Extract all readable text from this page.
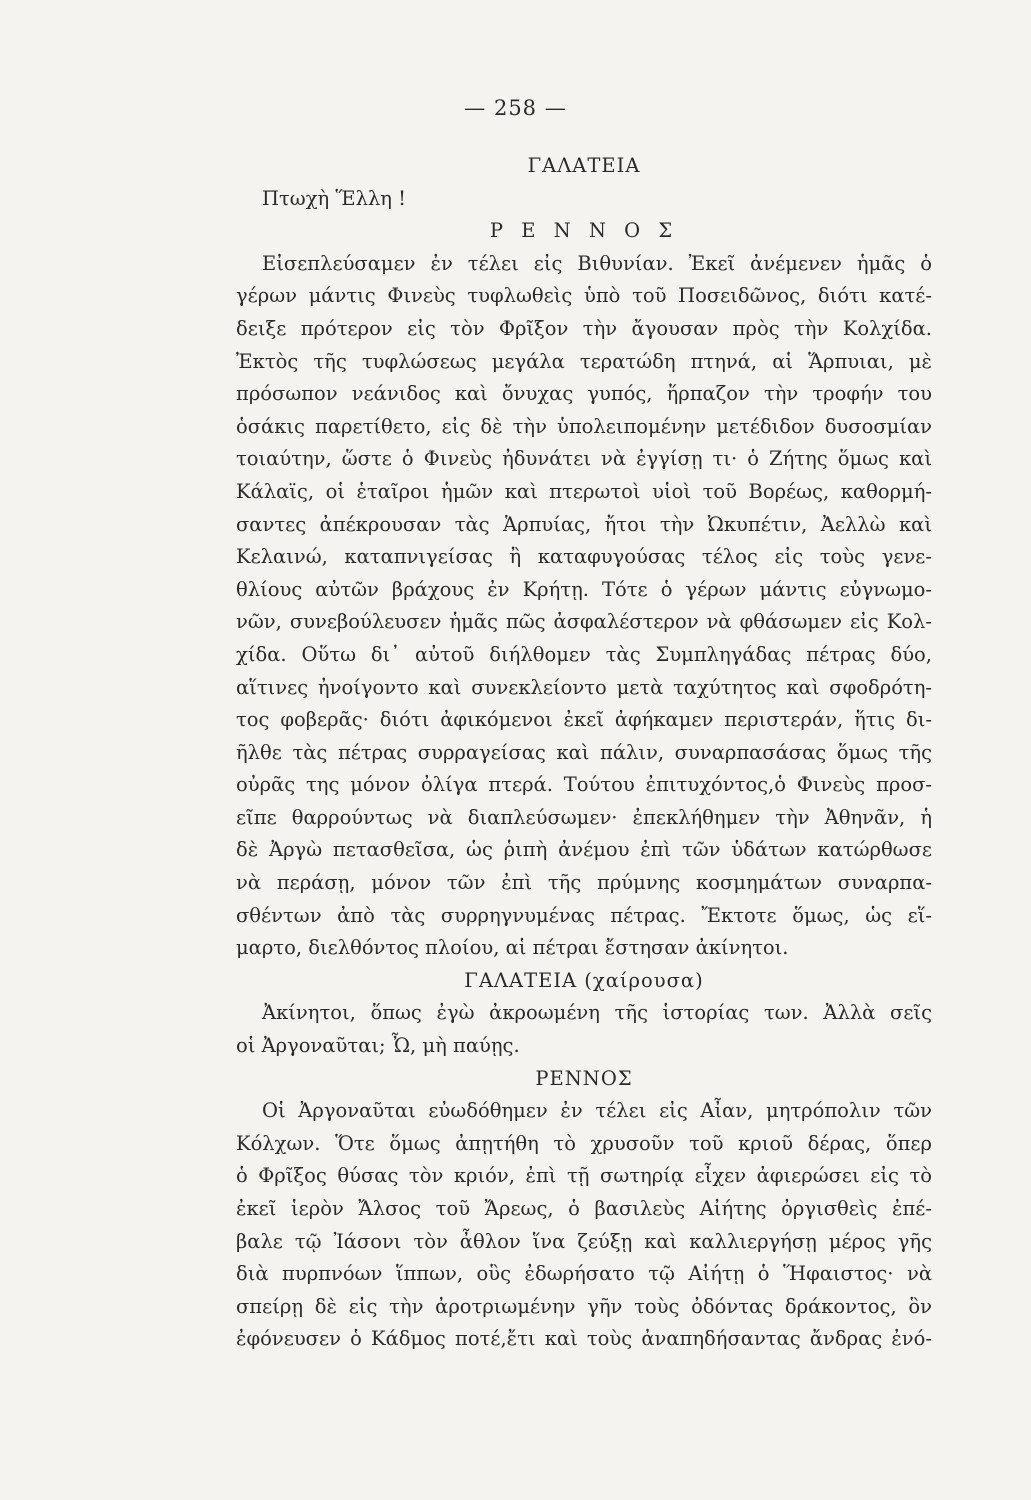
— 258 —
ΓΑΛΑΤΕΙΑ
Πτωχὴ Ἕλλη !
Ρ Ε Ν Ν Ο Σ
Εἰσεπλεύσαμεν ἐν τέλει εἰς Βιθυνίαν. Ἐκεῖ ἀνέμενεν ἡμᾶς ὁ
γέρων μάντις Φινεὺς τυφλωθεὶς ὑπὸ τοῦ Ποσειδῶνος, διότι κατέ-
δειξε πρότερον εἰς τὸν Φρῖξον τὴν ἄγουσαν πρὸς τὴν Κολχίδα.
Ἐκτὸς τῆς τυφλώσεως μεγάλα τερατώδη πτηνά, αἱ Ἅρπυιαι, μὲ
πρόσωπον νεάνιδος καὶ ὄνυχας γυπός, ἥρπαζον τὴν τροφήν του
ὁσάκις παρετίθετο, εἰς δὲ τὴν ὑπολειπομένην μετέδιδον δυσοσμίαν
τοιαύτην, ὥστε ὁ Φινεὺς ἠδυνάτει νὰ ἐγγίσῃ τι· ὁ Ζήτης ὅμως καὶ
Κάλαϊς, οἱ ἑταῖροι ἡμῶν καὶ πτερωτοὶ υἱοὶ τοῦ Βορέως, καθορμή-
σαντες ἀπέκρουσαν τὰς Ἁρπυίας, ἤτοι τὴν Ὠκυπέτιν, Ἀελλὼ καὶ
Κελαινώ, καταπνιγείσας ἢ καταφυγούσας τέλος εἰς τοὺς γενε-
θλίους αὐτῶν βράχους ἐν Κρήτῃ. Τότε ὁ γέρων μάντις εὐγνωμο-
νῶν, συνεβούλευσεν ἡμᾶς πῶς ἀσφαλέστερον νὰ φθάσωμεν εἰς Κολ-
χίδα. Οὕτω δι᾽ αὐτοῦ διήλθομεν τὰς Συμπληγάδας πέτρας δύο,
αἵτινες ἠνοίγοντο καὶ συνεκλείοντο μετὰ ταχύτητος καὶ σφοδρότη-
τος φοβερᾶς· διότι ἀφικόμενοι ἐκεῖ ἀφήκαμεν περιστεράν, ἥτις δι-
ῆλθε τὰς πέτρας συρραγείσας καὶ πάλιν, συναρπασάσας ὅμως τῆς
οὐρᾶς της μόνον ὀλίγα πτερά. Τούτου ἐπιτυχόντος,ὁ Φινεὺς προσ-
εῖπε θαρρούντως νὰ διαπλεύσωμεν· ἐπεκλήθημεν τὴν Ἀθηνᾶν, ἡ
δὲ Ἀργὼ πετασθεῖσα, ὡς ῥιπὴ ἀνέμου ἐπὶ τῶν ὑδάτων κατώρθωσε
νὰ περάσῃ, μόνον τῶν ἐπὶ τῆς πρύμνης κοσμημάτων συναρπα-
σθέντων ἀπὸ τὰς συρρηγνυμένας πέτρας. Ἔκτοτε ὅμως, ὡς εἵ-
μαρτο, διελθόντος πλοίου, αἱ πέτραι ἔστησαν ἀκίνητοι.
ΓΑΛΑΤΕΙΑ (χαίρουσα)
Ἀκίνητοι, ὅπως ἐγὼ ἀκροωμένη τῆς ἱστορίας των. Ἀλλὰ σεῖς
οἱ Ἀργοναῦται; Ὦ, μὴ παύῃς.
ΡΕΝΝΟΣ
Οἱ Ἀργοναῦται εὐωδόθημεν ἐν τέλει εἰς Αἶαν, μητρόπολιν τῶν
Κόλχων. Ὅτε ὅμως ἀπῃτήθη τὸ χρυσοῦν τοῦ κριοῦ δέρας, ὅπερ
ὁ Φρῖξος θύσας τὸν κριόν, ἐπὶ τῇ σωτηρίᾳ εἶχεν ἀφιερώσει εἰς τὸ
ἐκεῖ ἱερὸν Ἄλσος τοῦ Ἄρεως, ὁ βασιλεὺς Αἰήτης ὀργισθεὶς ἐπέ-
βαλε τῷ Ἰάσονι τὸν ἆθλον ἵνα ζεύξῃ καὶ καλλιεργήσῃ μέρος γῆς
διὰ πυρπνόων ἵππων, οὓς ἐδωρήσατο τῷ Αἰήτῃ ὁ Ἥφαιστος· νὰ
σπείρῃ δὲ εἰς τὴν ἀροτριωμένην γῆν τοὺς ὀδόντας δράκοντος, ὃν
ἐφόνευσεν ὁ Κάδμος ποτέ,ἔτι καὶ τοὺς ἀναπηδήσαντας ἄνδρας ἐνό-
